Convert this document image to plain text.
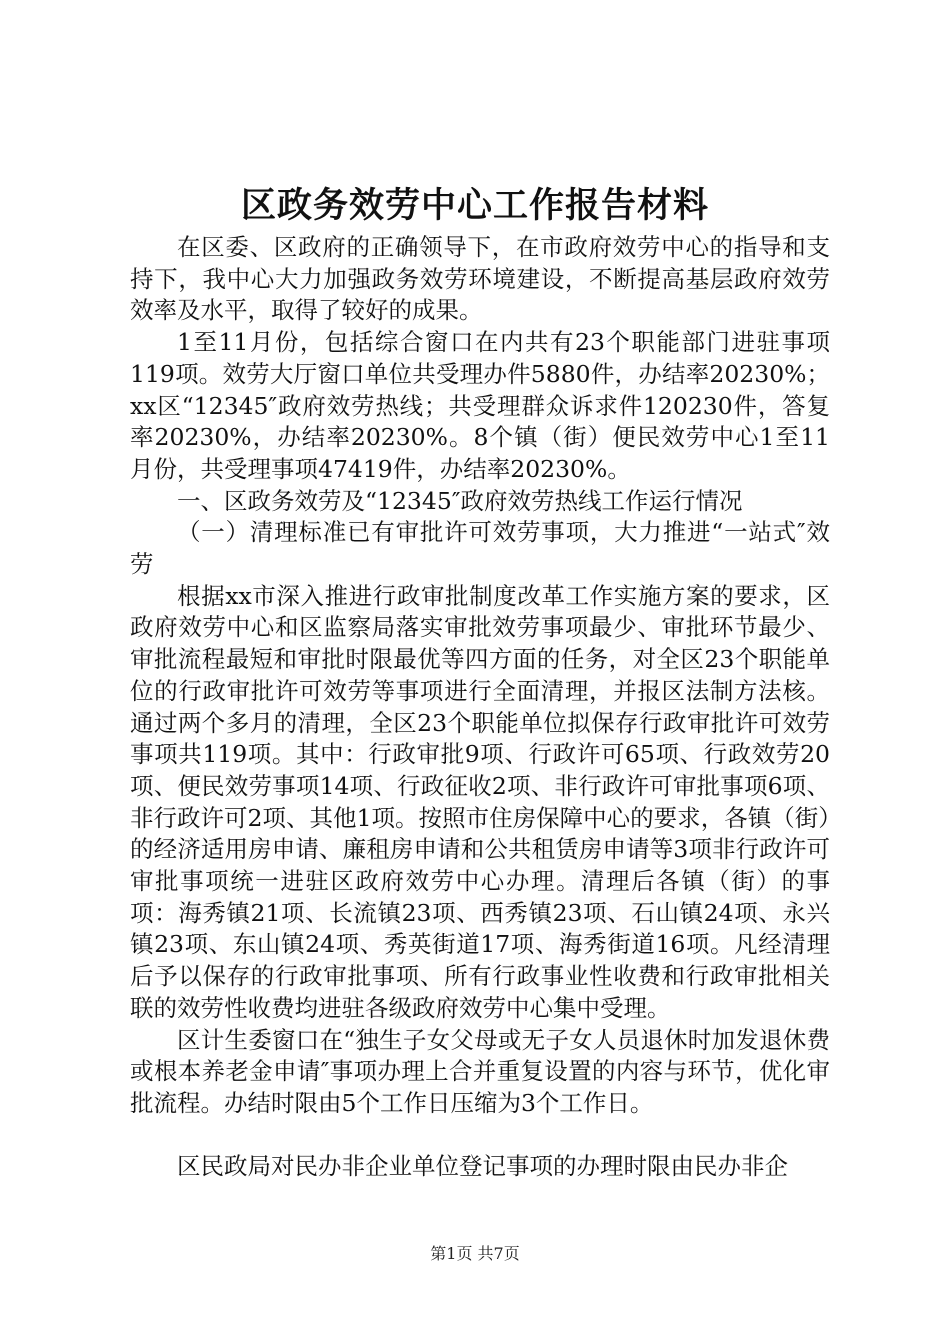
区政务效劳中心工作报告材料

在区委、区政府的正确领导下，在市政府效劳中心的指导和支持下，我中心大力加强政务效劳环境建设，不断提高基层政府效劳效率及水平，取得了较好的成果。

1至11月份，包括综合窗口在内共有23个职能部门进驻事项119项。效劳大厅窗口单位共受理办件5880件，办结率20230%；xx区“12345″政府效劳热线；共受理群众诉求件120230件，答复率20230%，办结率20230%。8个镇（街）便民效劳中心1至11月份，共受理事项47419件，办结率20230%。

一、区政务效劳及“12345″政府效劳热线工作运行情况

（一）清理标准已有审批许可效劳事项，大力推进“一站式″效劳

根据xx市深入推进行政审批制度改革工作实施方案的要求，区政府效劳中心和区监察局落实审批效劳事项最少、审批环节最少、审批流程最短和审批时限最优等四方面的任务，对全区23个职能单位的行政审批许可效劳等事项进行全面清理，并报区法制方法核。通过两个多月的清理，全区23个职能单位拟保存行政审批许可效劳事项共119项。其中：行政审批9项、行政许可65项、行政效劳20项、便民效劳事项14项、行政征收2项、非行政许可审批事项6项、非行政许可2项、其他1项。按照市住房保障中心的要求，各镇（街）的经济适用房申请、廉租房申请和公共租赁房申请等3项非行政许可审批事项统一进驻区政府效劳中心办理。清理后各镇（街）的事项：海秀镇21项、长流镇23项、西秀镇23项、石山镇24项、永兴镇23项、东山镇24项、秀英街道17项、海秀街道16项。凡经清理后予以保存的行政审批事项、所有行政事业性收费和行政审批相关联的效劳性收费均进驻各级政府效劳中心集中受理。

区计生委窗口在“独生子女父母或无子女人员退休时加发退休费或根本养老金申请″事项办理上合并重复设置的内容与环节，优化审批流程。办结时限由5个工作日压缩为3个工作日。

区民政局对民办非企业单位登记事项的办理时限由民办非企

第1页 共7页
